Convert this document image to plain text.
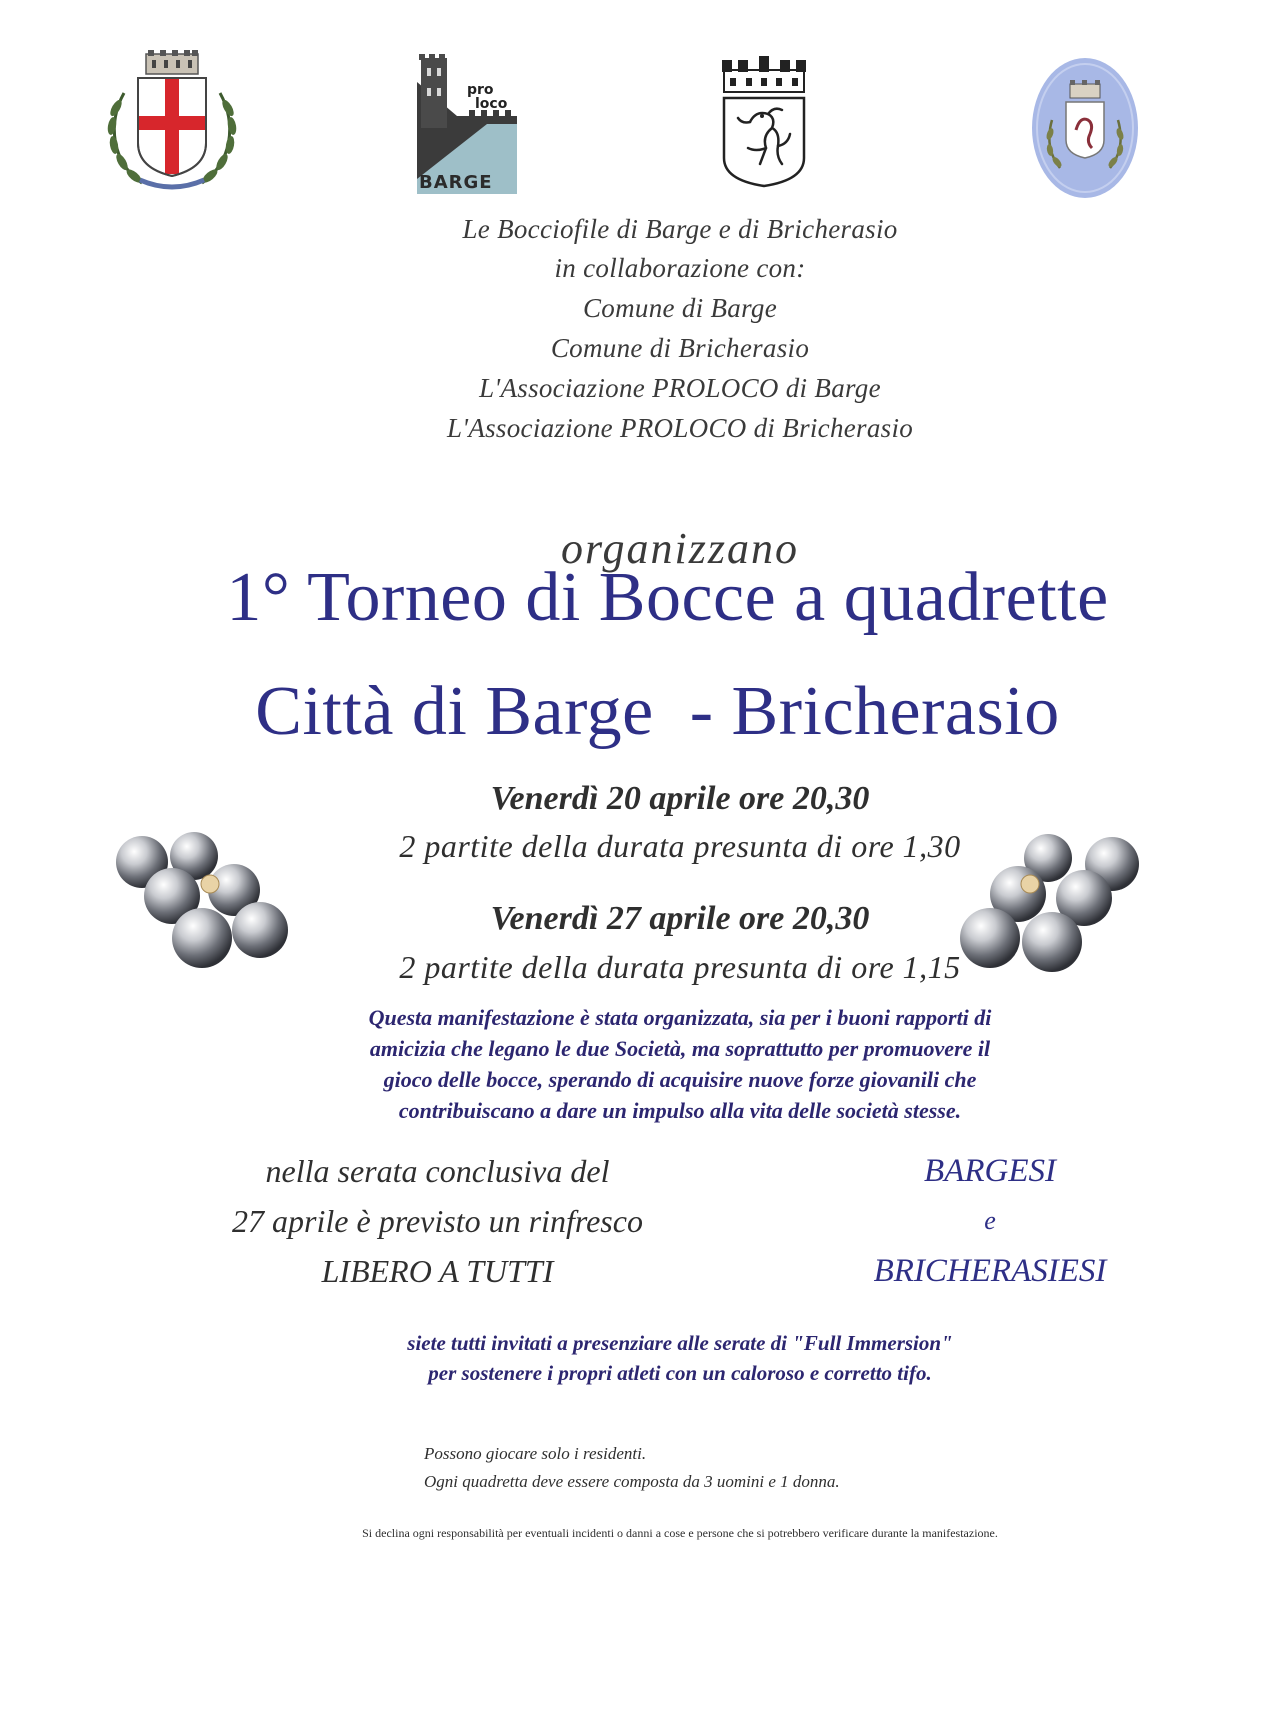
pro
loco
BARGE
Le Bocciofile di Barge e di Bricherasio
in collaborazione con:
Comune di Barge
Comune di Bricherasio
L'Associazione PROLOCO di Barge
L'Associazione PROLOCO di Bricherasio
organizzano
1° Torneo di Bocce a quadrette
Città di Barge  - Bricherasio
Venerdì 20 aprile ore 20,30
2 partite della durata presunta di ore 1,30
Venerdì 27 aprile ore 20,30
2 partite della durata presunta di ore 1,15
Questa manifestazione è stata organizzata, sia per i buoni rapporti di
amicizia che legano le due Società, ma soprattutto per promuovere il
gioco delle bocce, sperando di acquisire nuove forze giovanili che
contribuiscano a dare un impulso alla vita delle società stesse.
nella serata conclusiva del
27 aprile è previsto un rinfresco
LIBERO A TUTTI
BARGESI
e
BRICHERASIESI
siete tutti invitati a presenziare alle serate di "Full Immersion"
per sostenere i propri atleti con un caloroso e corretto tifo.
Possono giocare solo i residenti.
Ogni quadretta deve essere composta da 3 uomini e 1 donna.
Si declina ogni responsabilità per eventuali incidenti o danni a cose e persone che si potrebbero verificare durante la manifestazione.
